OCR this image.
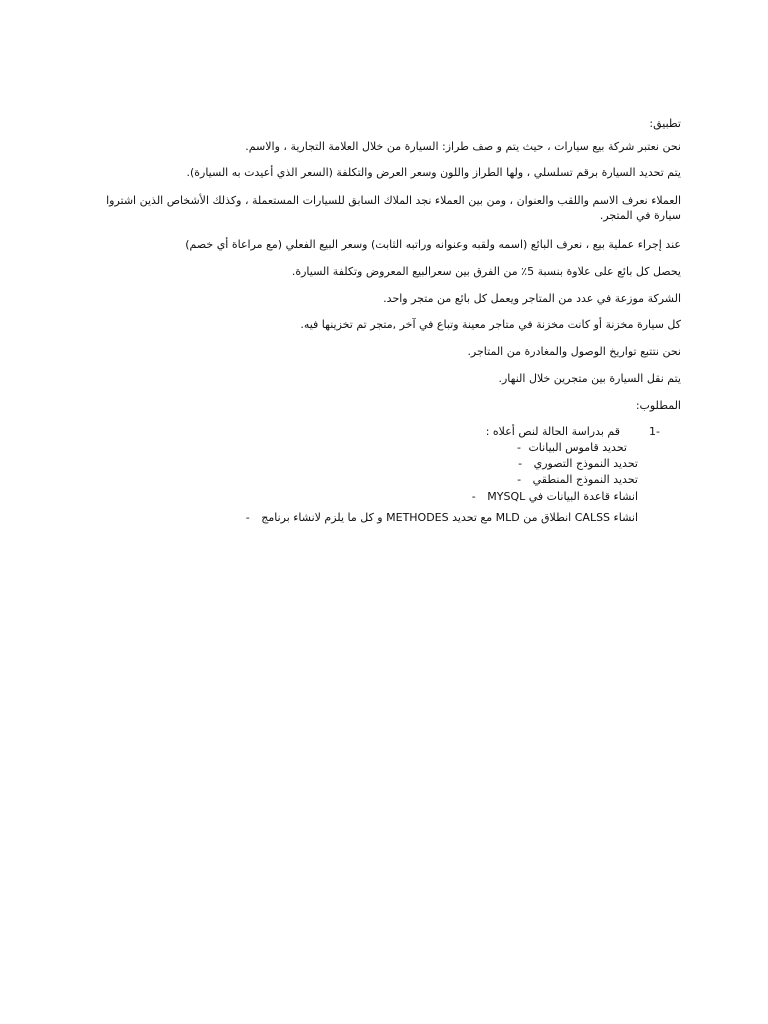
تطبيق:
نحن نعتبر شركة بيع سيارات ، حيث يتم و صف طراز: السيارة من خلال العلامة التجارية ، والاسم.
يتم تحديد السيارة برقم تسلسلي ، ولها الطراز واللون وسعر العرض والتكلفة (السعر الذي أعيدت به السيارة).
العملاء نعرف الاسم واللقب والعنوان ، ومن بين العملاء نجد الملاك السابق للسيارات المستعملة ، وكذلك الأشخاص الذين اشتروا سيارة في المتجر.
عند إجراء عملية بيع ، نعرف البائع (اسمه ولقبه وعنوانه وراتبه الثابت) وسعر البيع الفعلي (مع مراعاة أي خصم)
يحصل كل بائع على علاوة بنسبة 5٪ من الفرق بين سعرالبيع المعروض وتكلفة السيارة.
الشركة موزعة في عدد من المتاجر ويعمل كل بائع من متجر واحد.
كل سيارة مخزنة أو كانت مخزنة في متاجر معينة وتباع في آخر ,متجر تم تخزينها فيه.
نحن نتتبع تواريخ الوصول والمغادرة من المتاجر.
يتم نقل السيارة بين متجرين خلال النهار.
المطلوب:
-1
قم بدراسة الحالة لنص أعلاه :
تحديد قاموس البيانات -
تحديد النموذج التصوري -
تحديد النموذج المنطقي -
انشاء قاعدة البيانات في MYSQL -
انشاء CALSS انطلاق من MLD مع تحديد METHODES و كل ما يلزم لانشاء برنامج -
